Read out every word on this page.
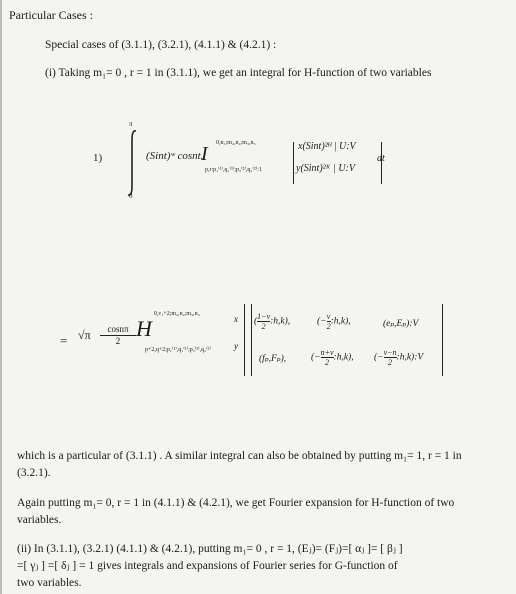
Particular Cases :
Special cases of (3.1.1), (3.2.1), (4.1.1) & (4.2.1) :
(i) Taking m₁= 0 , r = 1 in (3.1.1), we get an integral for H-function of two variables
1)
π
0
(Sint)ʷ cosnt.
I 0,n₁;m₂,n₂;m₃,n₃
p,r:p₁⁽¹⁾,q₁⁽¹⁾;p₂⁽²⁾,q₂⁽²⁾:1
x(Sint)²ᴴ | U:V
y(Sint)²ᴷ | U:V
dt
= $√\pi \frac{\cos n\pi}{2}$ H
0,ν₁+2;m₂,n₂;m₃,n₃
p+2,q+2;p₁⁽¹⁾,q₁⁽¹⁾;p₂⁽²⁾,q₂⁽²⁾
x
y
( $\frac{1-v}{2}$ :h,k),	(− $\frac{v}{2}$ :h,k),	(eₚ,Eₚ):V
(fₚ,Fₚ),	(− $\frac{n+v}{2}$ :h,k), (− $\frac{v-n}{2}$ :h,k):V
which is a particular of (3.1.1) . A similar integral can also be obtained by putting m₁= 1, r = 1 in
(3.2.1).
Again putting m₁= 0, r = 1 in (4.1.1) & (4.2.1), we get Fourier expansion for H-function of two
variables.
(ii) In (3.1.1), (3.2.1) (4.1.1) & (4.2.1), putting m₁= 0 , r = 1, (Eⱼ)= (Fⱼ)=[ αⱼ ]= [ βⱼ ]
=[ γⱼ ] =[ δⱼ ] = 1 gives integrals and expansions of Fourier series for G-function of
two variables.
